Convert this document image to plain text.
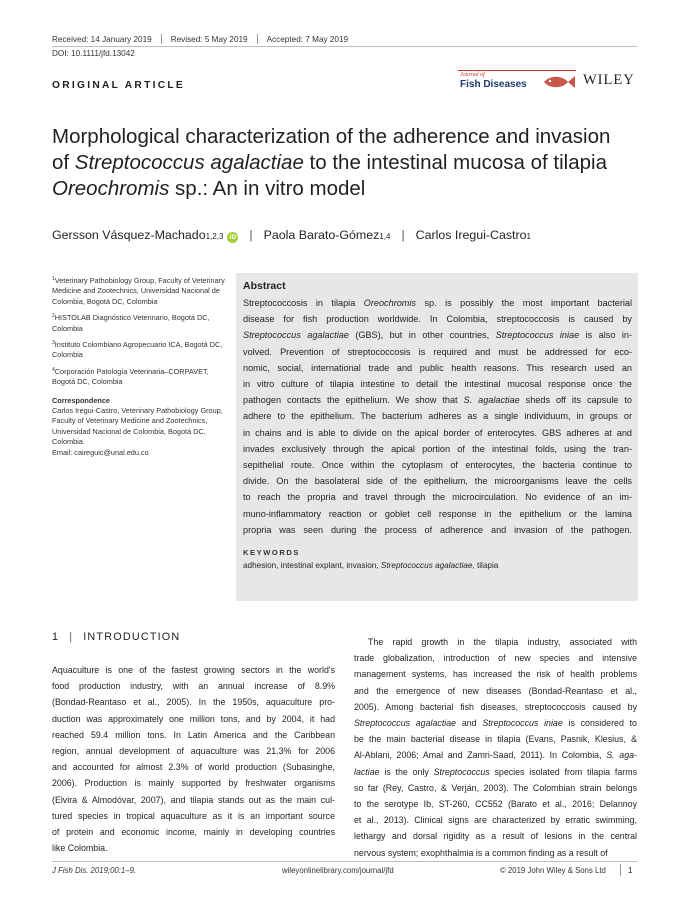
Received: 14 January 2019 Revised: 5 May 2019 Accepted: 7 May 2019
DOI: 10.1111/jfd.13042
ORIGINAL ARTICLE
Journal of
Fish Diseases	WILEY
Morphological characterization of the adherence and invasion
of Streptococcus agalactiae to the intestinal mucosa of tilapia
Oreochromis sp.: An in vitro model
Gersson Vásquez-Machado 1,2,3 iD | Paola Barato-Gómez 1,4 | Carlos Iregui-Castro 1

$^1$Veterinary Pathobiology Group, Faculty of Veterinary Medicine and Zootechnics, Universidad Nacional de Colombia, Bogotá DC, Colombia

$^2$HISTOLAB Diagnóstico Veterinario, Bogotá DC, Colombia

$^3$Instituto Colombiano Agropecuario ICA, Bogotá DC, Colombia

$^4$Corporación Patología Veterinaria–CORPAVET, Bogotá DC, Colombia

Correspondence

Carlos Iregui-Castro, Veterinary Pathobiology Group, Faculty of Veterinary Medicine and Zootechnics, Universidad Nacional de Colombia, Bogotá DC, Colombia.

Email: caireguic@unal.edu.co

Abstract
Streptococcosis in tilapia Oreochromis sp. is possibly the most important bacterial
disease for fish production worldwide. In Colombia, streptococcosis is caused by
Streptococcus agalactiae (GBS), but in other countries, Streptococcus iniae is also in-
volved. Prevention of streptococcosis is required and must be addressed for eco-
nomic, social, international trade and public health reasons. This research used an
in vitro culture of tilapia intestine to detail the intestinal mucosal response once the
pathogen contacts the epithelium. We show that S. agalactiae sheds off its capsule to
adhere to the epithelium. The bacterium adheres as a single individuum, in groups or
in chains and is able to divide on the apical border of enterocytes. GBS adheres at and
invades exclusively through the apical portion of the intestinal folds, using the tran-
sepithelial route. Once within the cytoplasm of enterocytes, the bacteria continue to
divide. On the basolateral side of the epithelium, the microorganisms leave the cells
to reach the propria and travel through the microcirculation. No evidence of an im-
muno-inflammatory reaction or goblet cell response in the epithelium or the lamina
propria was seen during the process of adherence and invasion of the pathogen.
KEYWORDS
adhesion, intestinal explant, invasion, Streptococcus agalactiae, tilapia
1 | INTRODUCTION
Aquaculture is one of the fastest growing sectors in the world's
food production industry, with an annual increase of 8.9%
(Bondad-Reantaso et al., 2005). In the 1950s, aquaculture pro-
duction was approximately one million tons, and by 2004, it had
reached 59.4 million tons. In Latin America and the Caribbean
region, annual development of aquaculture was 21.3% for 2006
and accounted for almost 2.3% of world production (Subasinghe,
2006). Production is mainly supported by freshwater organisms
(Elvira & Almodóvar, 2007), and tilapia stands out as the main cul-
tured species in tropical aquaculture as it is an important source
of protein and economic income, mainly in developing countries
like Colombia.
The rapid growth in the tilapia industry, associated with
trade globalization, introduction of new species and intensive
management systems, has increased the risk of health problems
and the emergence of new diseases (Bondad-Reantaso et al.,
2005). Among bacterial fish diseases, streptococcosis caused by
Streptococcus agalactiae and Streptococcus iniae is considered to
be the main bacterial disease in tilapia (Evans, Pasnik, Klesius, &
Al-Ablani, 2006; Amal and Zamri-Saad, 2011). In Colombia, S. aga-
lactiae is the only Streptococcus species isolated from tilapia farms
so far (Rey, Castro, & Verján, 2003). The Colombian strain belongs
to the serotype Ib, ST-260, CC552 (Barato et al., 2016; Delannoy
et al., 2013). Clinical signs are characterized by erratic swimming,
lethargy and dorsal rigidity as a result of lesions in the central
nervous system; exophthalmia is a common finding as a result of
J Fish Dis. 2019;00:1–9.	wileyonlinelibrary.com/journal/jfd	© 2019 John Wiley & Sons Ltd	1
